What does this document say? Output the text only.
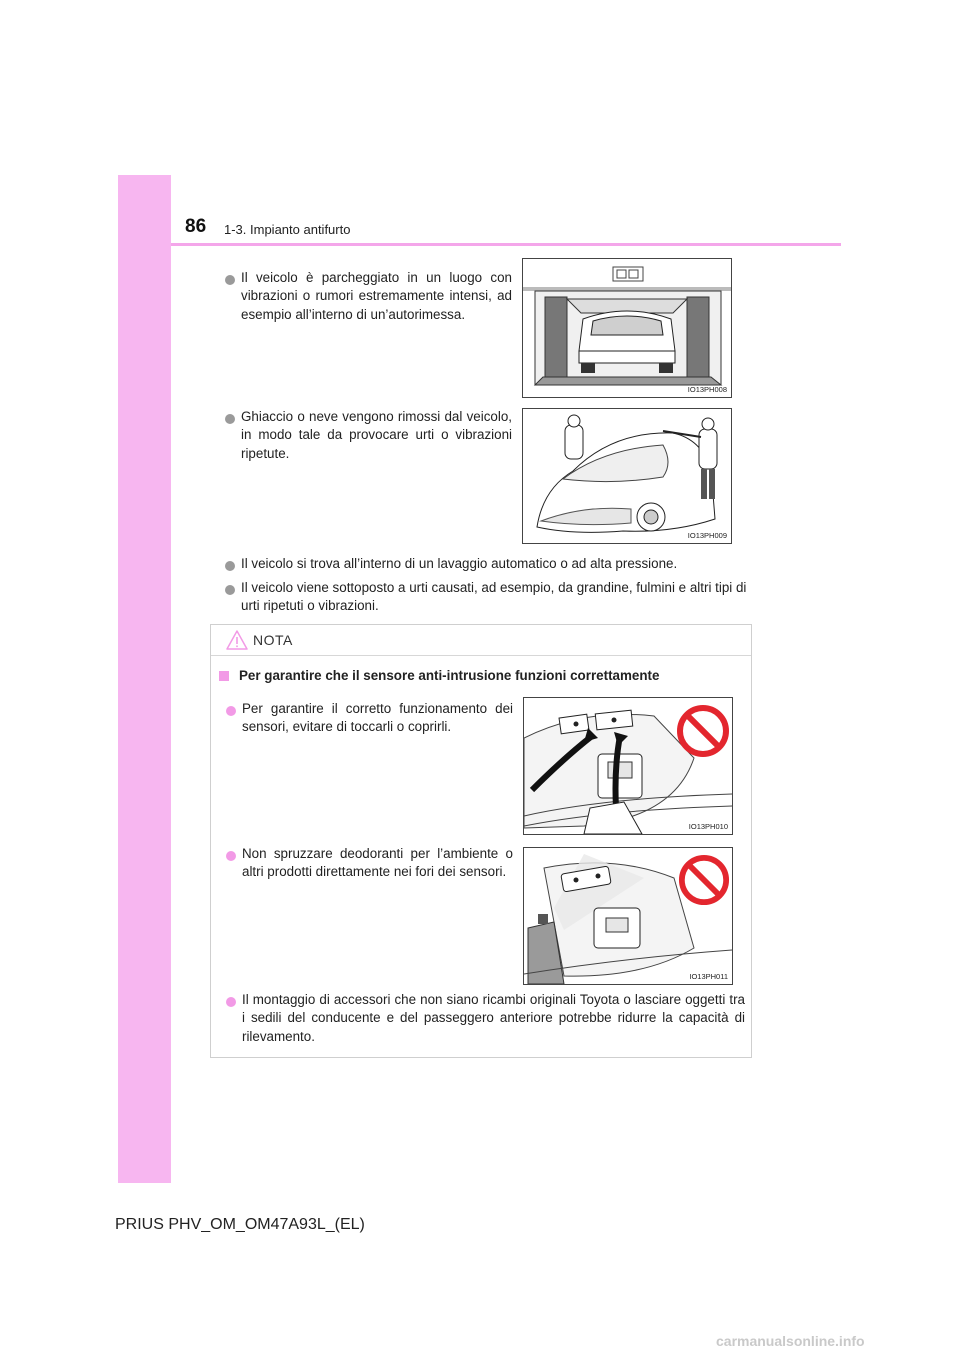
86 1-3. Impianto antifurto
Il veicolo è parcheggiato in un luogo con vibrazioni o rumori estremamente intensi, ad esempio all’interno di un’autorimessa.
IO13PH008
Ghiaccio o neve vengono rimossi dal veicolo, in modo tale da provocare urti o vibrazioni ripetute.
IO13PH009
Il veicolo si trova all’interno di un lavaggio automatico o ad alta pressione.
Il veicolo viene sottoposto a urti causati, ad esempio, da grandine, fulmini e altri tipi di urti ripetuti o vibrazioni.
NOTA
Per garantire che il sensore anti-intrusione funzioni correttamente
Per garantire il corretto funzionamento dei sensori, evitare di toccarli o coprirli.
IO13PH010
Non spruzzare deodoranti per l’ambiente o altri prodotti direttamente nei fori dei sensori.
IO13PH011
Il montaggio di accessori che non siano ricambi originali Toyota o lasciare oggetti tra i sedili del conducente e del passeggero anteriore potrebbe ridurre la capacità di rilevamento.
PRIUS PHV_OM_OM47A93L_(EL)
carmanualsonline.info
